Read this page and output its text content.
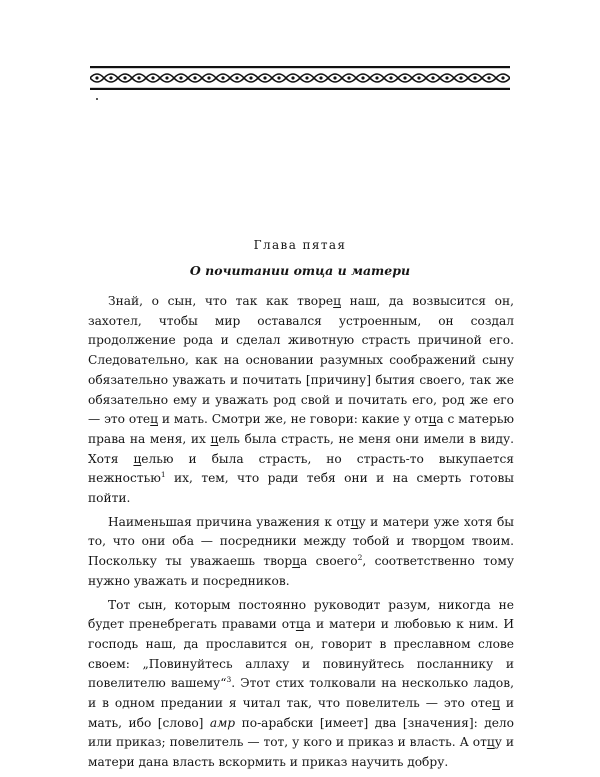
Глава пятая
О почитании отца и матери

Знай, о сын, что так как творец наш, да возвысится он, захотел, чтобы мир оставался устроенным, он создал продолжение рода и сделал животную страсть причиной его. Следовательно, как на основании разумных соображений сыну обязательно уважать и почитать [причину] бытия своего, так же обязательно ему и уважать род свой и почитать его, род же его — это отец и мать. Смотри же, не говори: какие у отца с матерью права на меня, их цель была страсть, не меня они имели в виду. Хотя целью и была страсть, но страсть-то выкупается нежностью$^1$ их, тем, что ради тебя они и на смерть готовы пойти.

Наименьшая причина уважения к отцу и матери уже хотя бы то, что они оба — посредники между тобой и творцом твоим. Поскольку ты уважаешь творца своего$^2$, соответственно тому нужно уважать и посредников.

Тот сын, которым постоянно руководит разум, никогда не будет пренебрегать правами отца и матери и любовью к ним. И господь наш, да прославится он, говорит в преславном слове своем: „Повинуйтесь аллаху и повинуйтесь посланнику и повелителю вашему“$^3$. Этот стих толковали на несколько ладов, и в одном предании я читал так, что повелитель — это отец и мать, ибо [слово] амр по-арабски [имеет] два [значения]: дело или приказ; повелитель — тот, у кого и приказ и власть. А отцу и матери дана власть вскормить и приказ научить добру.
